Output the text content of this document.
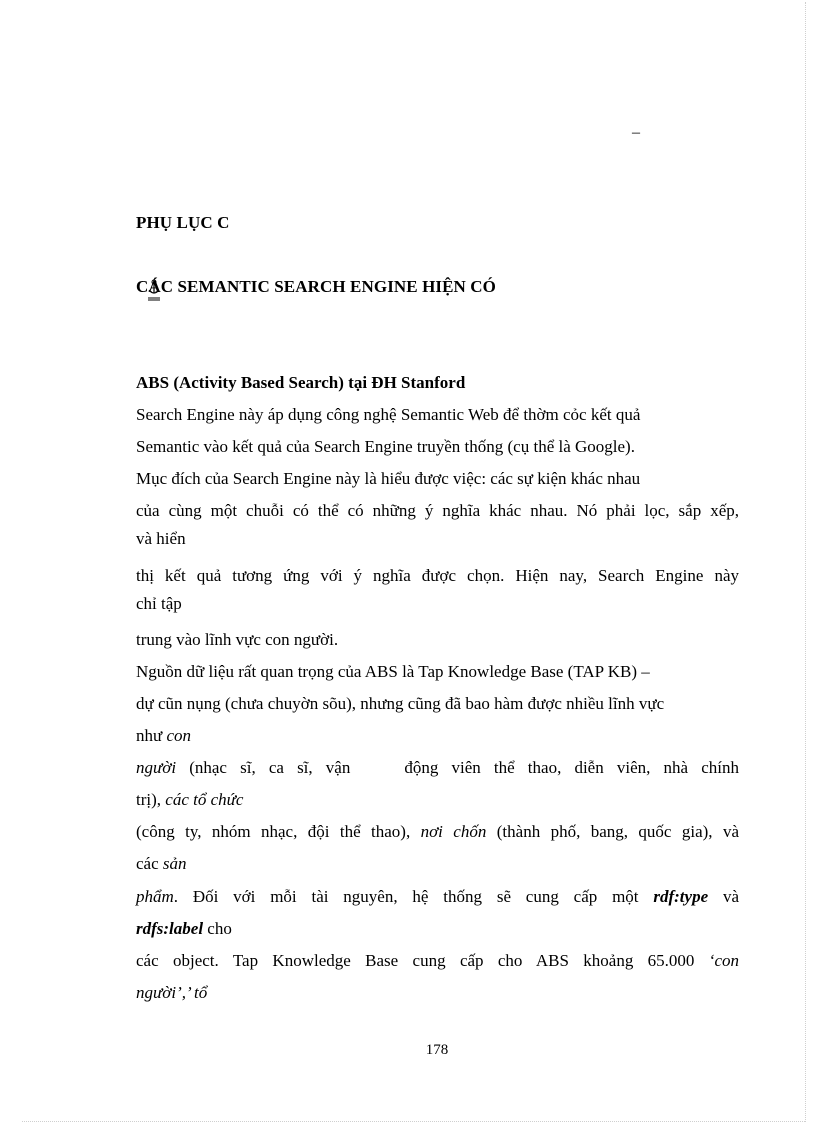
–
PHỤ LỤC C
CÁC SEMANTIC SEARCH ENGINE HIỆN CÓ
ABS (Activity Based Search) tại ĐH Stanford
Search Engine này áp dụng công nghệ Semantic Web để thờm cỏc kết quả
Semantic vào kết quả của Search Engine truyền thống (cụ thể là Google).
Mục đích của Search Engine này là hiểu được việc: các sự kiện khác nhau
của cùng một chuỗi có thể có những ý nghĩa khác nhau. Nó phải lọc, sắp xếp,
và hiển
thị kết quả tương ứng với ý nghĩa được chọn. Hiện nay, Search Engine này
chỉ tập
trung vào lĩnh vực con người.
Nguồn dữ liệu rất quan trọng của ABS là Tap Knowledge Base (TAP KB) –
dự cũn nụng (chưa chuyờn sõu), nhưng cũng đã bao hàm được nhiều lĩnh vực
như con
người (nhạc sĩ, ca sĩ, vận	động viên thể thao, diễn viên, nhà chính
trị), các tổ chức
(công ty, nhóm nhạc, đội thể thao), nơi chốn (thành phố, bang, quốc gia), và
các sản
phẩm. Đối với mỗi tài nguyên, hệ thống sẽ cung cấp một rdf:type và
rdfs:label cho
các object. Tap Knowledge Base cung cấp cho ABS khoảng 65.000 ‘con
người’,’ tổ
178
